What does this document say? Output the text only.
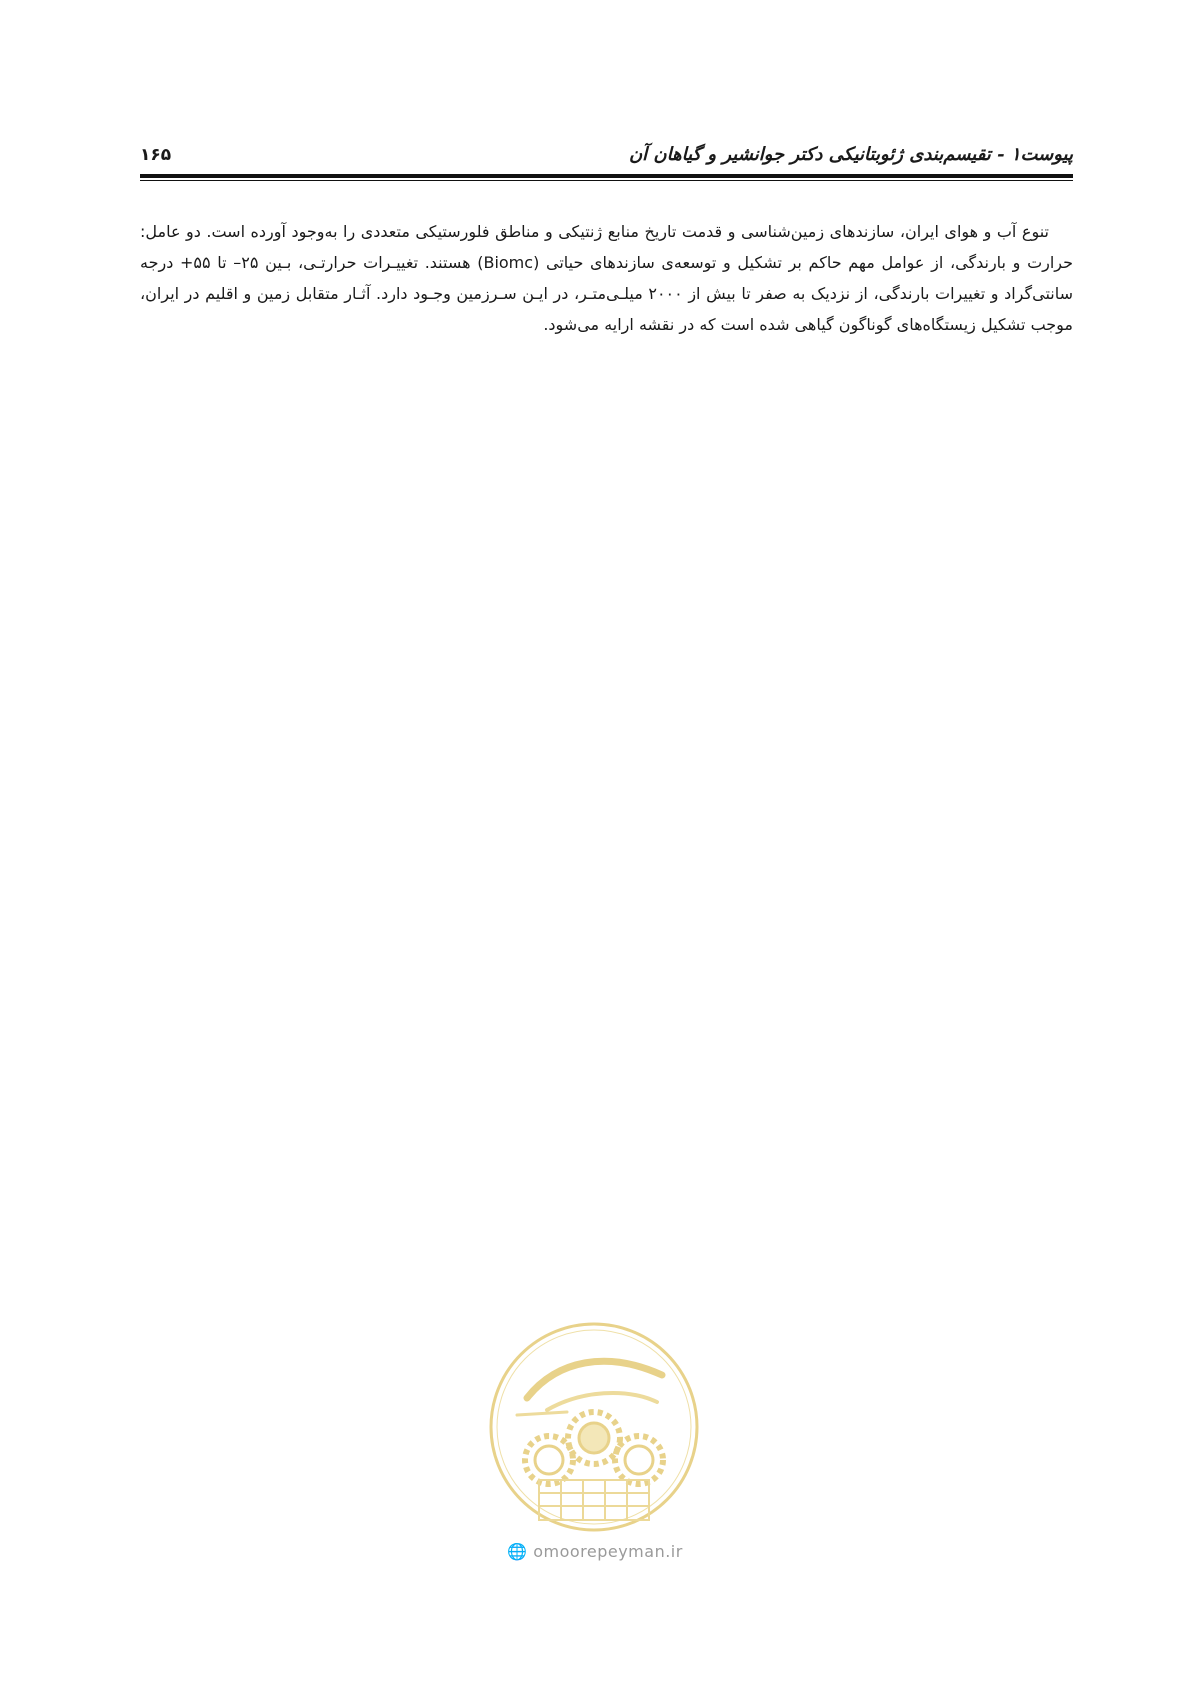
پیوست۱ - تقیسم‌بندی ژئوبتانیکی دکتر جوانشیر و گیاهان آن
۱۶۵

تنوع آب و هوای ایران، سازندهای زمین‌شناسی و قدمت تاریخ منابع ژنتیکی و مناطق فلورستیکی متعددی را به‌وجود آورده است. دو عامل: حرارت و بارندگی، از عوامل مهم حاکم بر تشکیل و توسعه‌ی سازندهای حیاتی (Biomc) هستند. تغییـرات حرارتـی، بـین ۲۵– تا ۵۵+ درجه سانتی‌گراد و تغییرات بارندگی، از نزدیک به صفر تا بیش از ۲۰۰۰ میلـی‌متـر، در ایـن سـرزمین وجـود دارد. آثـار متقابل زمین و اقلیم در ایران، موجب تشکیل زیستگاه‌های گوناگون گیاهی شده است که در نقشه ارایه می‌شود.

🌐 omoorepeyman.ir
